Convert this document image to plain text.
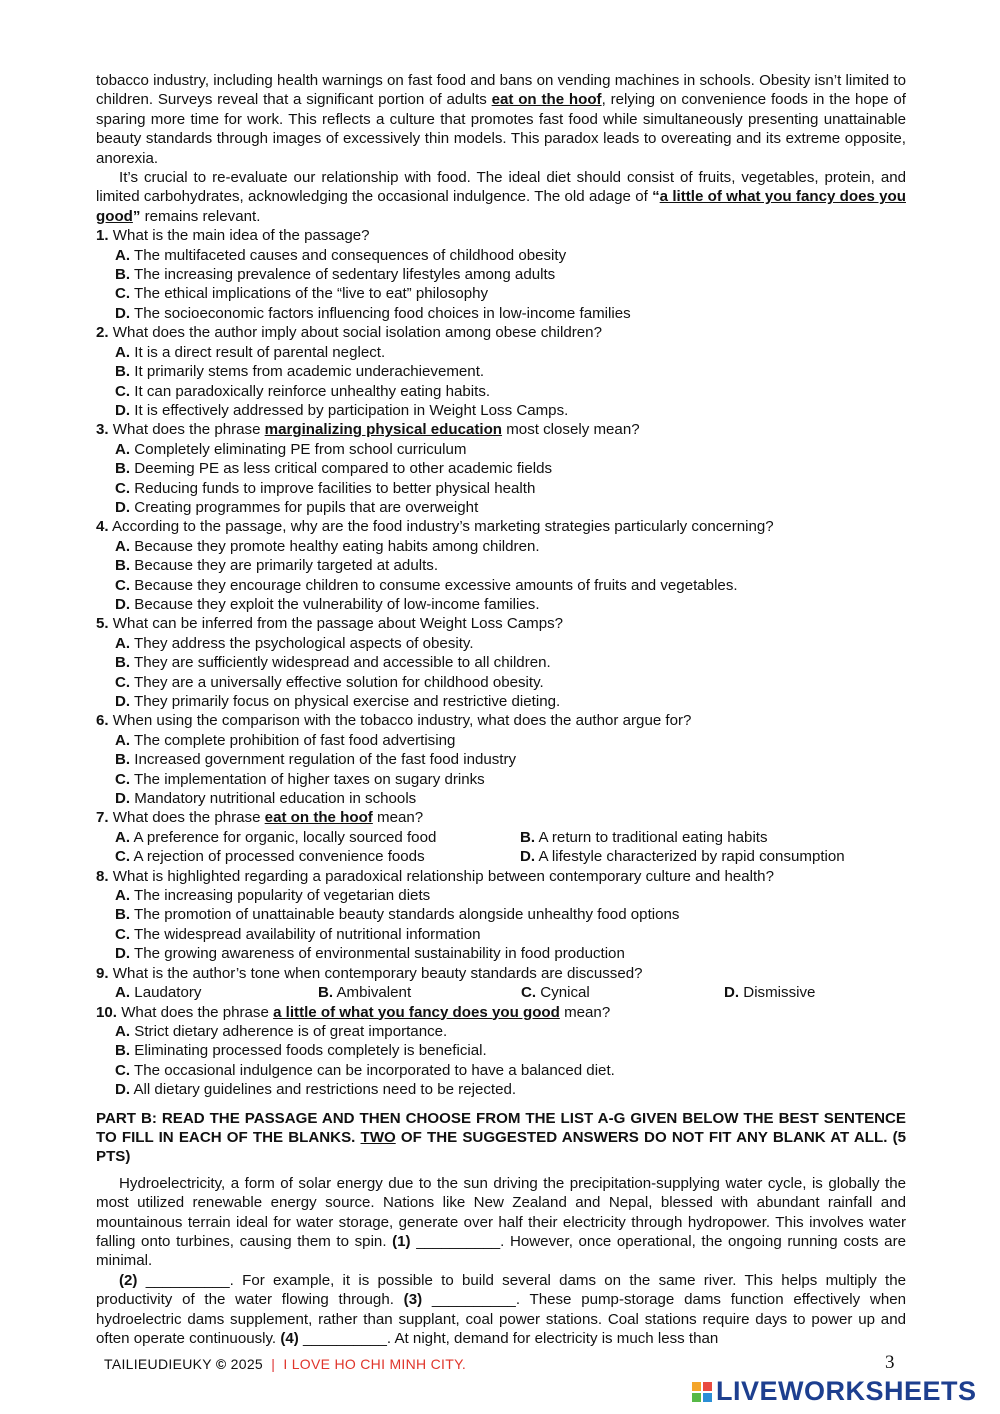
tobacco industry, including health warnings on fast food and bans on vending machines in schools. Obesity isn’t limited to children. Surveys reveal that a significant portion of adults eat on the hoof, relying on convenience foods in the hope of sparing more time for work. This reflects a culture that promotes fast food while simultaneously presenting unattainable beauty standards through images of excessively thin models. This paradox leads to overeating and its extreme opposite, anorexia.

It’s crucial to re-evaluate our relationship with food. The ideal diet should consist of fruits, vegetables, protein, and limited carbohydrates, acknowledging the occasional indulgence. The old adage of “a little of what you fancy does you good” remains relevant.

1. What is the main idea of the passage?

A. The multifaceted causes and consequences of childhood obesity

B. The increasing prevalence of sedentary lifestyles among adults

C. The ethical implications of the “live to eat” philosophy

D. The socioeconomic factors influencing food choices in low-income families

2. What does the author imply about social isolation among obese children?

A. It is a direct result of parental neglect.

B. It primarily stems from academic underachievement.

C. It can paradoxically reinforce unhealthy eating habits.

D. It is effectively addressed by participation in Weight Loss Camps.

3. What does the phrase marginalizing physical education most closely mean?

A. Completely eliminating PE from school curriculum

B. Deeming PE as less critical compared to other academic fields

C. Reducing funds to improve facilities to better physical health

D. Creating programmes for pupils that are overweight

4. According to the passage, why are the food industry’s marketing strategies particularly concerning?

A. Because they promote healthy eating habits among children.

B. Because they are primarily targeted at adults.

C. Because they encourage children to consume excessive amounts of fruits and vegetables.

D. Because they exploit the vulnerability of low-income families.

5. What can be inferred from the passage about Weight Loss Camps?

A. They address the psychological aspects of obesity.

B. They are sufficiently widespread and accessible to all children.

C. They are a universally effective solution for childhood obesity.

D. They primarily focus on physical exercise and restrictive dieting.

6. When using the comparison with the tobacco industry, what does the author argue for?

A. The complete prohibition of fast food advertising

B. Increased government regulation of the fast food industry

C. The implementation of higher taxes on sugary drinks

D. Mandatory nutritional education in schools

7. What does the phrase eat on the hoof mean?

A. A preference for organic, locally sourced food	B. A return to traditional eating habits
C. A rejection of processed convenience foods	D. A lifestyle characterized by rapid consumption

8. What is highlighted regarding a paradoxical relationship between contemporary culture and health?

A. The increasing popularity of vegetarian diets

B. The promotion of unattainable beauty standards alongside unhealthy food options

C. The widespread availability of nutritional information

D. The growing awareness of environmental sustainability in food production

9. What is the author’s tone when contemporary beauty standards are discussed?

A. Laudatory	B. Ambivalent	C. Cynical	D. Dismissive

10. What does the phrase a little of what you fancy does you good mean?

A. Strict dietary adherence is of great importance.

B. Eliminating processed foods completely is beneficial.

C. The occasional indulgence can be incorporated to have a balanced diet.

D. All dietary guidelines and restrictions need to be rejected.

PART B: READ THE PASSAGE AND THEN CHOOSE FROM THE LIST A-G GIVEN BELOW THE BEST SENTENCE TO FILL IN EACH OF THE BLANKS. TWO OF THE SUGGESTED ANSWERS DO NOT FIT ANY BLANK AT ALL. (5 PTS)

Hydroelectricity, a form of solar energy due to the sun driving the precipitation-supplying water cycle, is globally the most utilized renewable energy source. Nations like New Zealand and Nepal, blessed with abundant rainfall and mountainous terrain ideal for water storage, generate over half their electricity through hydropower. This involves water falling onto turbines, causing them to spin. (1) __________. However, once operational, the ongoing running costs are minimal.

(2) __________. For example, it is possible to build several dams on the same river. This helps multiply the productivity of the water flowing through. (3) __________. These pump-storage dams function effectively when hydroelectric dams supplement, rather than supplant, coal power stations. Coal stations require days to power up and often operate continuously. (4) __________. At night, demand for electricity is much less than

TAILIEUDIEUKY © 2025 | I LOVE HO CHI MINH CITY.	3
LIVEWORKSHEETS
